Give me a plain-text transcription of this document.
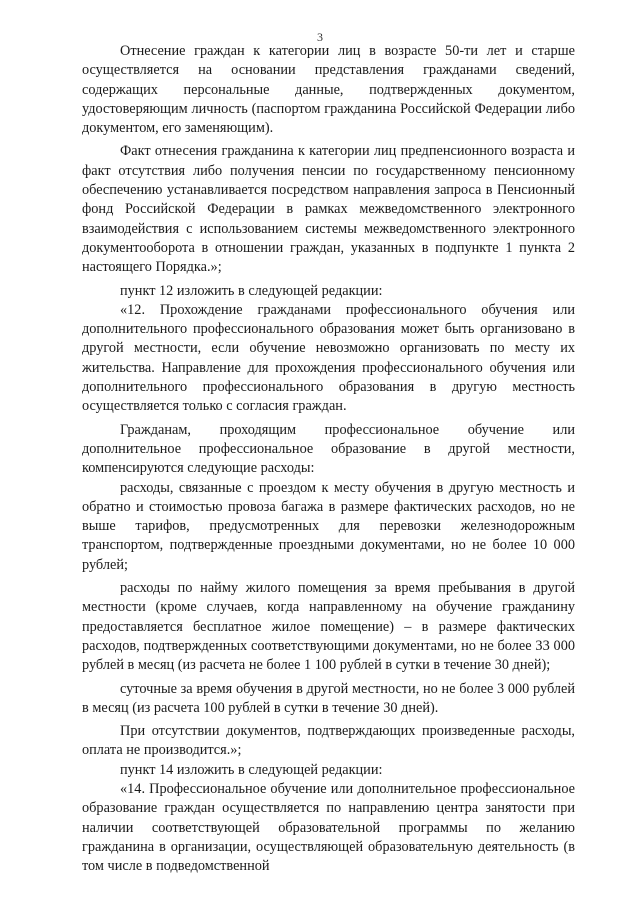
3

Отнесение граждан к категории лиц в возрасте 50-ти лет и старше осуществляется на основании представления гражданами сведений, содержащих персональные данные, подтвержденных документом, удостоверяющим личность (паспортом гражданина Российской Федерации либо документом, его заменяющим).

Факт отнесения гражданина к категории лиц предпенсионного возраста и факт отсутствия либо получения пенсии по государственному пенсионному обеспечению устанавливается посредством направления запроса в Пенсионный фонд Российской Федерации в рамках межведомственного электронного взаимодействия с использованием системы межведомственного электронного документооборота в отношении граждан, указанных в подпункте 1 пункта 2 настоящего Порядка.»;

пункт 12 изложить в следующей редакции:

«12. Прохождение гражданами профессионального обучения или дополнительного профессионального образования может быть организовано в другой местности, если обучение невозможно организовать по месту их жительства. Направление для прохождения профессионального обучения или дополнительного профессионального образования в другую местность осуществляется только с согласия граждан.

Гражданам, проходящим профессиональное обучение или дополнительное профессиональное образование в другой местности, компенсируются следующие расходы:

расходы, связанные с проездом к месту обучения в другую местность и обратно и стоимостью провоза багажа в размере фактических расходов, но не выше тарифов, предусмотренных для перевозки железнодорожным транспортом, подтвержденные проездными документами, но не более 10 000 рублей;

расходы по найму жилого помещения за время пребывания в другой местности (кроме случаев, когда направленному на обучение гражданину предоставляется бесплатное жилое помещение) – в размере фактических расходов, подтвержденных соответствующими документами, но не более 33 000 рублей в месяц (из расчета не более 1 100 рублей в сутки в течение 30 дней);

суточные за время обучения в другой местности, но не более 3 000 рублей в месяц (из расчета 100 рублей в сутки в течение 30 дней).

При отсутствии документов, подтверждающих произведенные расходы, оплата не производится.»;

пункт 14 изложить в следующей редакции:

«14. Профессиональное обучение или дополнительное профессиональное образование граждан осуществляется по направлению центра занятости при наличии соответствующей образовательной программы по желанию гражданина в организации, осуществляющей образовательную деятельность (в том числе в подведомственной
